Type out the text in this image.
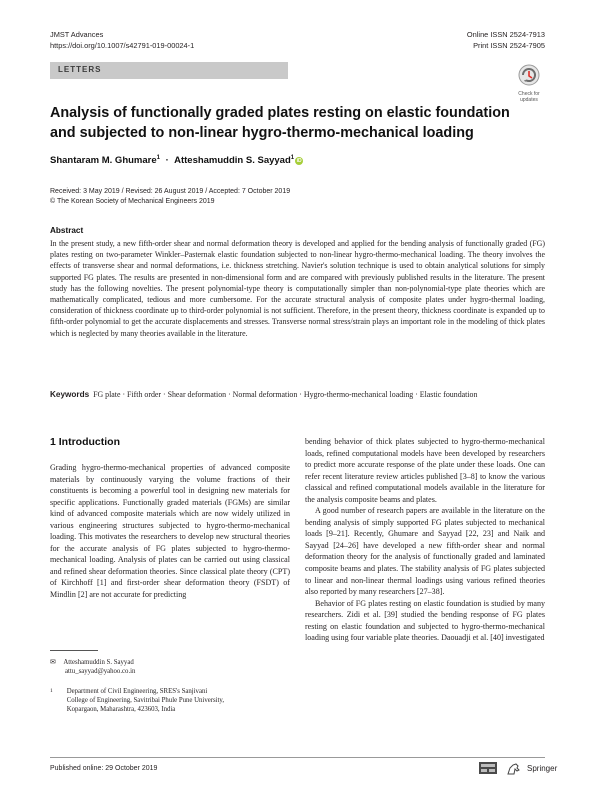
JMST Advances
https://doi.org/10.1007/s42791-019-00024-1
Online ISSN 2524-7913
Print ISSN 2524-7905
LETTERS
Check for
updates
Analysis of functionally graded plates resting on elastic foundation and subjected to non-linear hygro-thermo-mechanical loading
Shantaram M. Ghumare$^1$ · Atteshamuddin S. Sayyad$^1$iD
Received: 3 May 2019 / Revised: 26 August 2019 / Accepted: 7 October 2019
© The Korean Society of Mechanical Engineers 2019
Abstract
In the present study, a new fifth-order shear and normal deformation theory is developed and applied for the bending analysis of functionally graded (FG) plates resting on two-parameter Winkler–Pasternak elastic foundation subjected to non-linear hygro-thermo-mechanical loading. The theory involves the effects of transverse shear and normal deformations, i.e. thickness stretching. Navier's solution technique is used to obtain analytical solutions for simply supported FG plates. The results are presented in non-dimensional form and are compared with previously published results in the literature. The present study has the following novelties. The present polynomial-type theory is computationally simpler than non-polynomial-type plate theories which are mathematically complicated, tedious and more cumbersome. For the accurate structural analysis of composite plates under hygro-thermal loading, consideration of thickness coordinate up to third-order polynomial is not sufficient. Therefore, in the present theory, thickness coordinate is expanded up to fifth-order polynomial to get the accurate displacements and stresses. Transverse normal stress/strain plays an important role in the modeling of thick plates which is neglected by many theories available in the literature.
Keywords FG plate · Fifth order · Shear deformation · Normal deformation · Hygro-thermo-mechanical loading · Elastic foundation
1 Introduction
Grading hygro-thermo-mechanical properties of advanced composite materials by continuously varying the volume fractions of their constituents is becoming a powerful tool in designing new materials for specific applications. Functionally graded materials (FGMs) are similar kind of advanced composite materials which are now widely utilized in various engineering structures subjected to hygro-thermo-mechanical loading. This motivates the researchers to develop new structural theories for the accurate analysis of FG plates subjected to hygro-thermo-mechanical loading. Analysis of plates can be carried out using classical and refined shear deformation theories. Since classical plate theory (CPT) of Kirchhoff [1] and first-order shear deformation theory (FSDT) of Mindlin [2] are not accurate for predicting
bending behavior of thick plates subjected to hygro-thermo-mechanical loads, refined computational models have been developed by researchers to predict more accurate response of the plate under these loads. One can refer recent literature review articles published [3–8] to know the various classical and refined computational models available in the literature for the analysis composite beams and plates.
A good number of research papers are available in the literature on the bending analysis of simply supported FG plates subjected to mechanical loads [9–21]. Recently, Ghumare and Sayyad [22, 23] and Naik and Sayyad [24–26] have developed a new fifth-order shear and normal deformation theory for the analysis of functionally graded and laminated composite beams and plates. The stability analysis of FG plates subjected to linear and non-linear thermal loadings using various refined theories also reported by many researchers [27–38].
Behavior of FG plates resting on elastic foundation is studied by many researchers. Zidi et al. [39] studied the bending response of FG plates resting on elastic foundation and subjected to hygro-thermo-mechanical loading using four variable plate theories. Daouadji et al. [40] investigated
✉ Atteshamuddin S. Sayyad
attu_sayyad@yahoo.co.in
1 Department of Civil Engineering, SRES's Sanjivani
College of Engineering, Savitribai Phule Pune University,
Kopargaon, Maharashtra, 423603, India
Published online: 29 October 2019	Springer
